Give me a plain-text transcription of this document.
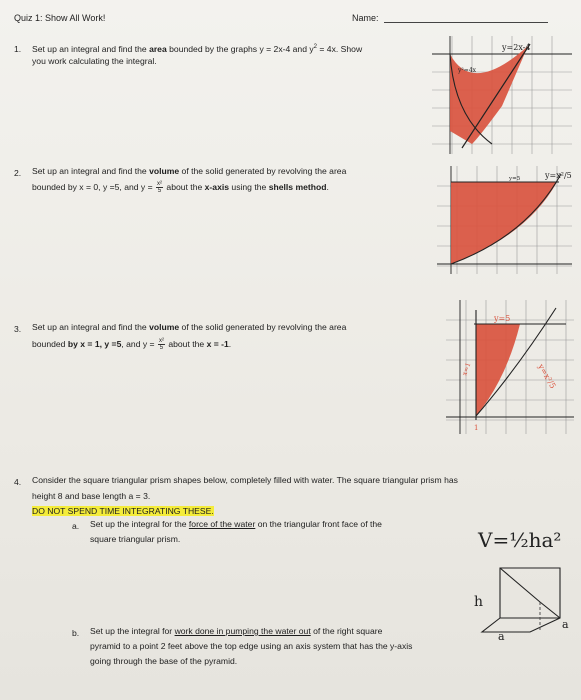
Quiz 1: Show All Work!	Name:
1. Set up an integral and find the area bounded by the graphs y = 2x-4 and $y^2 = 4x$. Show
you work calculating the integral.
y=2x-4
y²=4x
2. Set up an integral and find the volume of the solid generated by revolving the area
bounded by x = 0, y =5, and $y = \frac{\text{x²}}{5}$ about the x-axis using the shells method.
y=x²/5
y=5
3. Set up an integral and find the volume of the solid generated by revolving the area
bounded by x = 1, y =5, and $y = \frac{\text{x²}}{5}$ about the x = -1.
y=5
y=x²/5
x=1
1
4. Consider the square triangular prism shapes below, completely filled with water. The square triangular prism has
height 8 and base length a = 3.
DO NOT SPEND TIME INTEGRATING THESE.
a. Set up the integral for the force of the water on the triangular front face of the
square triangular prism.	V=½ha²
h
a
a
b. Set up the integral for work done in pumping the water out of the right square
pyramid to a point 2 feet above the top edge using an axis system that has the y-axis
going through the base of the pyramid.
